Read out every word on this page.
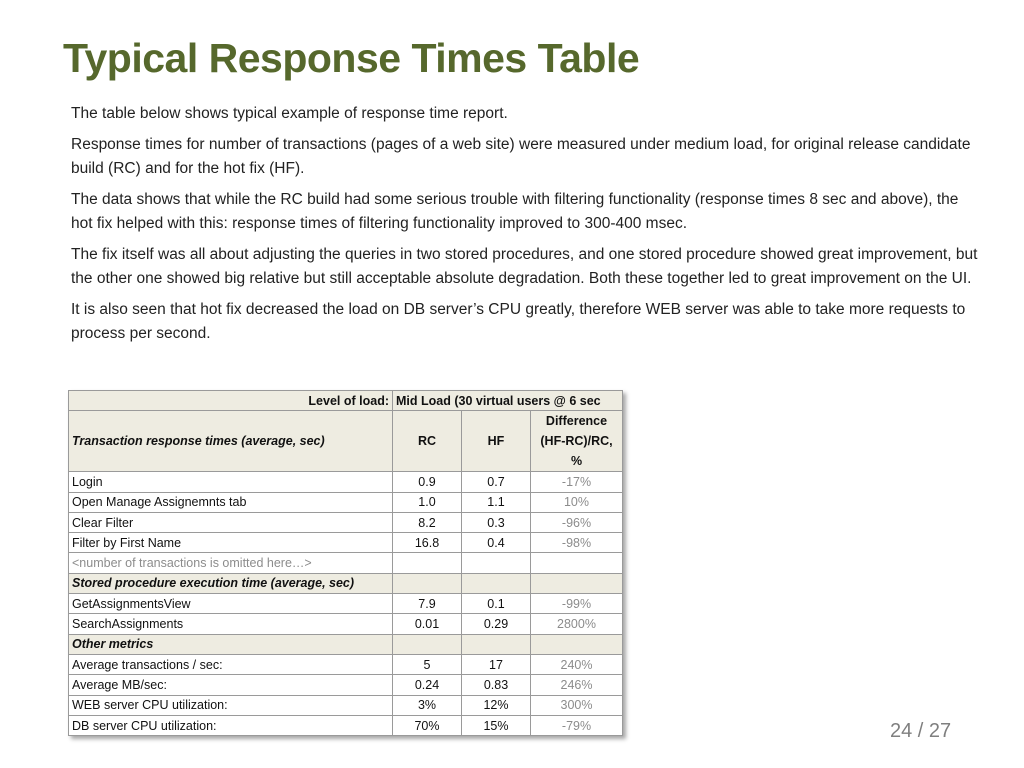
Typical Response Times Table

The table below shows typical example of response time report.

Response times for number of transactions (pages of a web site) were measured under medium load, for original release candidate build (RC) and for the hot fix (HF).

The data shows that while the RC build had some serious trouble with filtering functionality (response times 8 sec and above), the hot fix helped with this: response times of filtering functionality improved to 300-400 msec.

The fix itself was all about adjusting the queries in two stored procedures, and one stored procedure showed great improvement, but the other one showed big relative but still acceptable absolute degradation. Both these together led to great improvement on the UI.

It is also seen that hot fix decreased the load on DB server’s CPU greatly, therefore WEB server was able to take more requests to process per second.

Level of load:	Mid Load (30 virtual users @ 6 sec		
Transaction response times (average, sec)	RC	HF	Difference
(HF-RC)/RC,
%

Login	0.9	0.7	-17%
Open Manage Assignemnts tab	1.0	1.1	10%
Clear Filter	8.2	0.3	-96%
Filter by First Name	16.8	0.4	-98%
<number of transactions is omitted here…>			
Stored procedure execution time (average, sec)			
GetAssignmentsView	7.9	0.1	-99%
SearchAssignments	0.01	0.29	2800%
Other metrics			
Average transactions / sec:	5	17	240%
Average MB/sec:	0.24	0.83	246%
WEB server CPU utilization:	3%	12%	300%
DB server CPU utilization:	70%	15%	-79%	24 / 27
